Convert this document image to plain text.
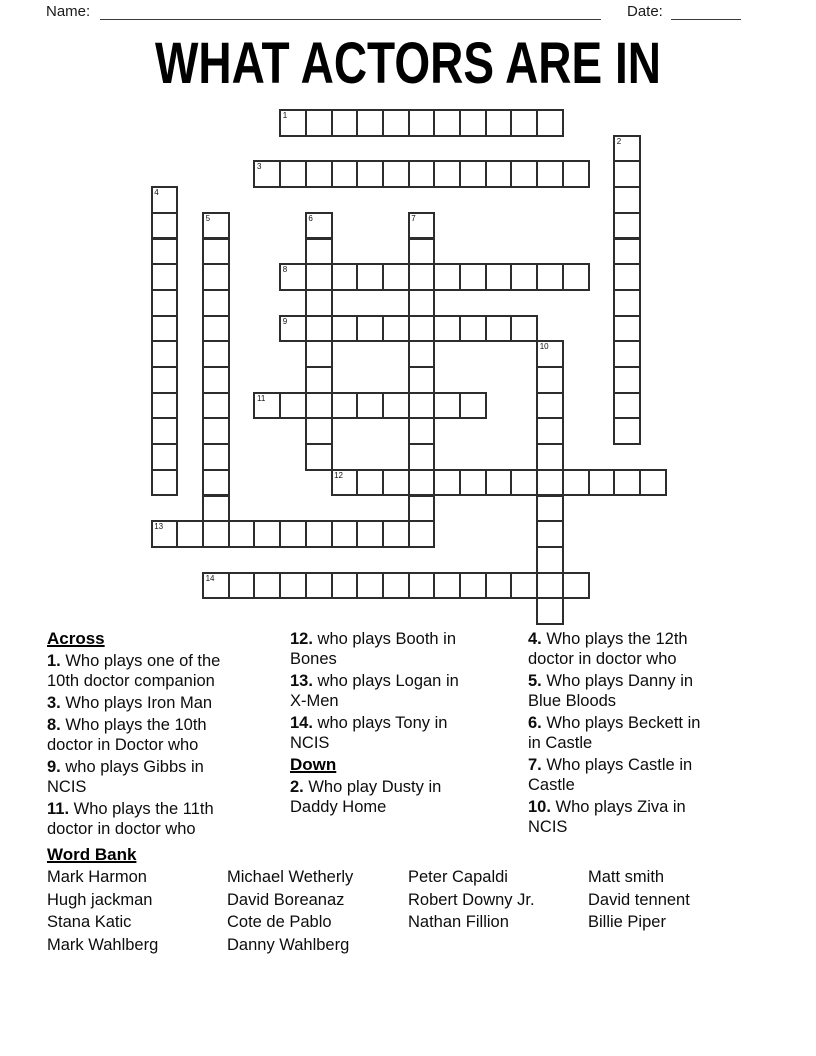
Name:	Date:
WHAT ACTORS ARE IN
1
2
3
4
5	6	7
8
9
10
11
12
13
14
Across

1. Who plays one of the 10th doctor companion

3. Who plays Iron Man

8. Who plays the 10th doctor in Doctor who

9. who plays Gibbs in NCIS

11. Who plays the 11th doctor in doctor who

12. who plays Booth in Bones

13. who plays Logan in X-Men

14. who plays Tony in NCIS

Down

2. Who play Dusty in Daddy Home

4. Who plays the 12th doctor in doctor who

5. Who plays Danny in Blue Bloods

6. Who plays Beckett in in Castle

7. Who plays Castle in Castle

10. Who plays Ziva in NCIS

Word Bank
Mark Harmon
Hugh jackman
Stana Katic
Mark Wahlberg
Michael Wetherly
David Boreanaz
Cote de Pablo
Danny Wahlberg
Peter Capaldi
Robert Downy Jr.
Nathan Fillion
Matt smith
David tennent
Billie Piper
